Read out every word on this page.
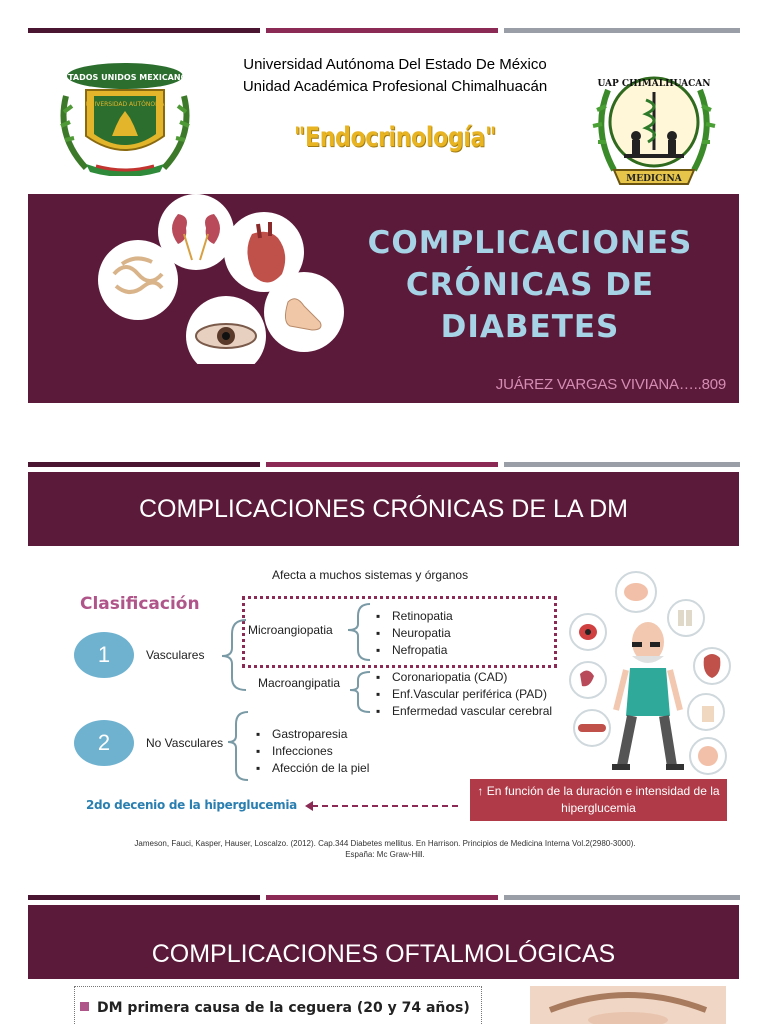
ESTADOS UNIDOS MEXICANOS
UNIVERSIDAD AUTÓNOMA
Universidad Autónoma Del Estado De México
Unidad Académica Profesional Chimalhuacán
"Endocrinología"
UAP CHIMALHUACAN
MEDICINA
COMPLICACIONES
CRÓNICAS DE
DIABETES
JUÁREZ VARGAS VIVIANA…..809
COMPLICACIONES CRÓNICAS DE LA DM
Afecta a muchos sistemas y órganos
Clasificación
1	Vasculares
Microangiopatia
Macroangipatia
▪ Retinopatia
▪ Neuropatia
▪ Nefropatia
▪ Coronariopatia (CAD)
▪ Enf.Vascular periférica (PAD)
▪ Enfermedad vascular cerebral
2	No Vasculares
▪ Gastroparesia
▪ Infecciones
▪ Afección de la piel
2do decenio de la hiperglucemia
↑ En función de la duración e intensidad de la hiperglucemia
Jameson, Fauci, Kasper, Hauser, Loscalzo. (2012). Cap.344 Diabetes mellitus. En Harrison. Principios de Medicina Interna Vol.2(2980-3000).
España: Mc Graw-Hill.
COMPLICACIONES OFTALMOLÓGICAS
DM primera causa de la ceguera (20 y 74 años)
